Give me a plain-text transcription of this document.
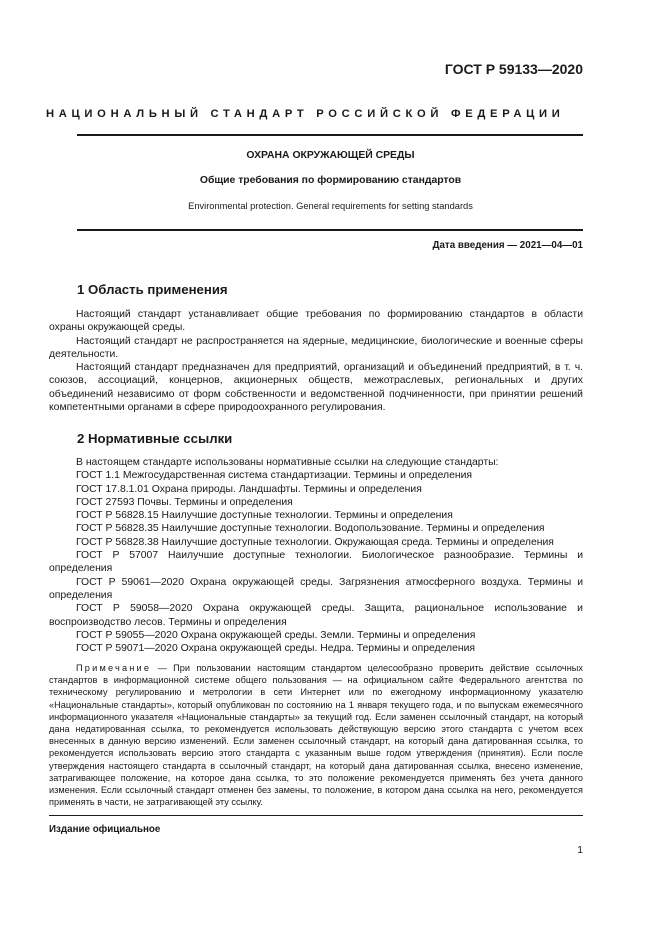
ГОСТ Р 59133—2020
НАЦИОНАЛЬНЫЙ СТАНДАРТ РОССИЙСКОЙ ФЕДЕРАЦИИ
ОХРАНА ОКРУЖАЮЩЕЙ СРЕДЫ
Общие требования по формированию стандартов
Environmental protection. General requirements for setting standards
Дата введения — 2021—04—01
1 Область применения

Настоящий стандарт устанавливает общие требования по формированию стандартов в области охраны окружающей среды.

Настоящий стандарт не распространяется на ядерные, медицинские, биологические и военные сферы деятельности.

Настоящий стандарт предназначен для предприятий, организаций и объединений предприятий, в т. ч. союзов, ассоциаций, концернов, акционерных обществ, межотраслевых, региональных и других объединений независимо от форм собственности и ведомственной подчиненности, при принятии решений компетентными органами в сфере природоохранного регулирования.

2 Нормативные ссылки

В настоящем стандарте использованы нормативные ссылки на следующие стандарты:

ГОСТ 1.1 Межгосударственная система стандартизации. Термины и определения

ГОСТ 17.8.1.01 Охрана природы. Ландшафты. Термины и определения

ГОСТ 27593 Почвы. Термины и определения

ГОСТ Р 56828.15 Наилучшие доступные технологии. Термины и определения

ГОСТ Р 56828.35 Наилучшие доступные технологии. Водопользование. Термины и определения

ГОСТ Р 56828.38 Наилучшие доступные технологии. Окружающая среда. Термины и определения

ГОСТ Р 57007 Наилучшие доступные технологии. Биологическое разнообразие. Термины и определения

ГОСТ Р 59061—2020 Охрана окружающей среды. Загрязнения атмосферного воздуха. Термины и определения

ГОСТ Р 59058—2020 Охрана окружающей среды. Защита, рациональное использование и воспроизводство лесов. Термины и определения

ГОСТ Р 59055—2020 Охрана окружающей среды. Земли. Термины и определения

ГОСТ Р 59071—2020 Охрана окружающей среды. Недра. Термины и определения

Примечание — При пользовании настоящим стандартом целесообразно проверить действие ссылочных стандартов в информационной системе общего пользования — на официальном сайте Федерального агентства по техническому регулированию и метрологии в сети Интернет или по ежегодному информационному указателю «Национальные стандарты», который опубликован по состоянию на 1 января текущего года, и по выпускам ежемесячного информационного указателя «Национальные стандарты» за текущий год. Если заменен ссылочный стандарт, на который дана недатированная ссылка, то рекомендуется использовать действующую версию этого стандарта с учетом всех внесенных в данную версию изменений. Если заменен ссылочный стандарт, на который дана датированная ссылка, то рекомендуется использовать версию этого стандарта с указанным выше годом утверждения (принятия). Если после утверждения настоящего стандарта в ссылочный стандарт, на который дана датированная ссылка, внесено изменение, затрагивающее положение, на которое дана ссылка, то это положение рекомендуется применять без учета данного изменения. Если ссылочный стандарт отменен без замены, то положение, в котором дана ссылка на него, рекомендуется применять в части, не затрагивающей эту ссылку.

Издание официальное
1
